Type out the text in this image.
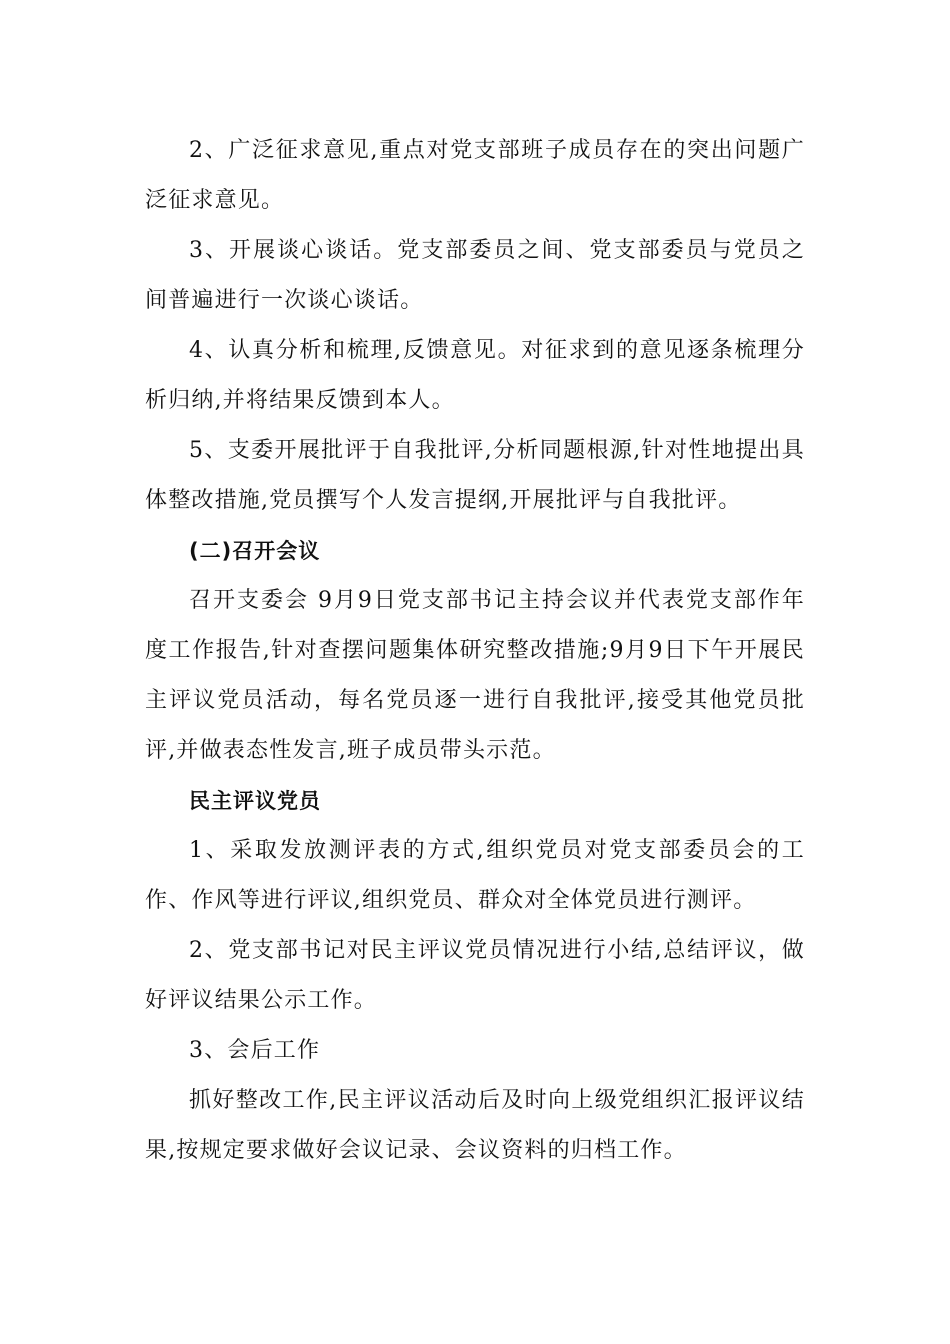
2、广泛征求意见,重点对党支部班子成员存在的突出问题广泛征求意见。

3、开展谈心谈话。党支部委员之间、党支部委员与党员之间普遍进行一次谈心谈话。

4、认真分析和梳理,反馈意见。对征求到的意见逐条梳理分析归纳,并将结果反馈到本人。

5、支委开展批评于自我批评,分析同题根源,针对性地提出具体整改措施,党员撰写个人发言提纲,开展批评与自我批评。

(二)召开会议

召开支委会 9月9日党支部书记主持会议并代表党支部作年度工作报告,针对查摆问题集体研究整改措施;9月9日下午开展民主评议党员活动，每名党员逐一进行自我批评,接受其他党员批评,并做表态性发言,班子成员带头示范。

民主评议党员

1、采取发放测评表的方式,组织党员对党支部委员会的工作、作风等进行评议,组织党员、群众对全体党员进行测评。

2、党支部书记对民主评议党员情况进行小结,总结评议，做好评议结果公示工作。

3、会后工作

抓好整改工作,民主评议活动后及时向上级党组织汇报评议结果,按规定要求做好会议记录、会议资料的归档工作。
